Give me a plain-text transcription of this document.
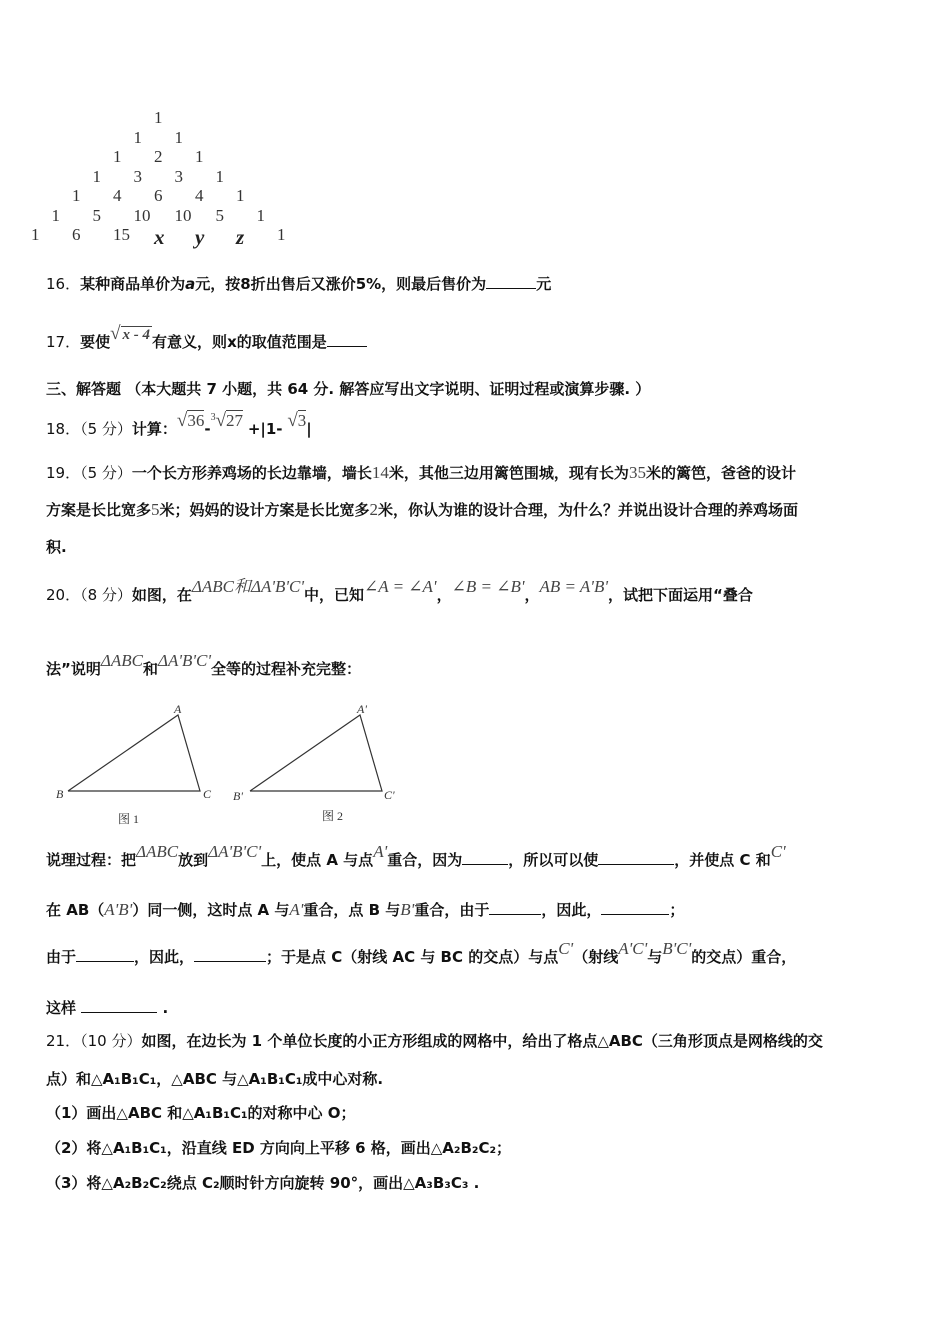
1
1 1
1 2 1
1 3 3 1
1 4 6 4 1
1 5 10 10 5 1
1 6 15 x y z 1
16．某种商品单价为a元，按8折出售后又涨价5%，则最后售价为	元
17．要使√ x - 4 有意义，则x的取值范围是
三、解答题 （本大题共 7 小题，共 64 分. 解答应写出文字说明、证明过程或演算步骤. ）
18．（5 分）计算：√36-$^3$√27 +|1- √3|
19．（5 分）一个长方形养鸡场的长边靠墙，墙长14米，其他三边用篱笆围城，现有长为35米的篱笆，爸爸的设计
方案是长比宽多5米；妈妈的设计方案是长比宽多2米，你认为谁的设计合理，为什么？并说出设计合理的养鸡场面
积.
20．（8 分）如图，在ΔABC和ΔA'B'C'中，已知∠A = ∠A'，∠B = ∠B'，AB = A'B'，试把下面运用“叠合
法”说明ΔABC和ΔA'B'C'全等的过程补充完整：
A
B	C
图 1
A'
B'	C'
图 2
说理过程：把ΔABC放到ΔA'B'C'上，使点 A 与点A'重合，因为	，所以可以使	，并使点 C 和C'
在 AB（A'B'）同一侧，这时点 A 与A'重合，点 B 与B'重合，由于	，因此，	；
由于	，因此，	；于是点 C（射线 AC 与 BC 的交点）与点C'（射线A'C'与B'C'的交点）重合，
这样	.
21．（10 分）如图，在边长为 1 个单位长度的小正方形组成的网格中，给出了格点△ABC（三角形顶点是网格线的交
点）和△A₁B₁C₁，△ABC 与△A₁B₁C₁成中心对称.
（1）画出△ABC 和△A₁B₁C₁的对称中心 O；
（2）将△A₁B₁C₁，沿直线 ED 方向向上平移 6 格，画出△A₂B₂C₂；
（3）将△A₂B₂C₂绕点 C₂顺时针方向旋转 90°，画出△A₃B₃C₃ .
